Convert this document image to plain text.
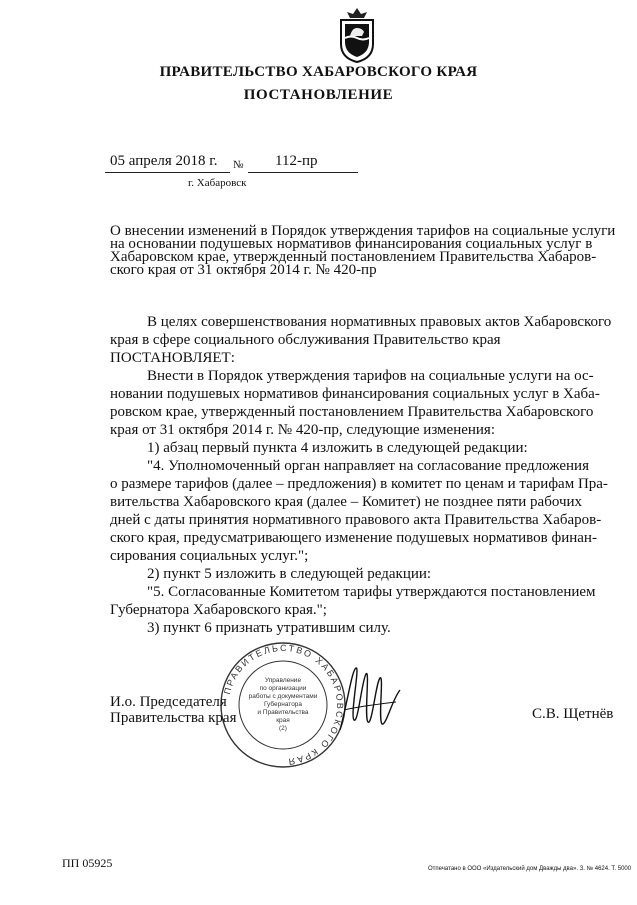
ПРАВИТЕЛЬСТВО ХАБАРОВСКОГО КРАЯ
ПОСТАНОВЛЕНИЕ
05 апреля 2018 г. № 112-пр
г. Хабаровск
О внесении изменений в Порядок утверждения тарифов на социальные услуги
на основании подушевых нормативов финансирования социальных услуг в
Хабаровском крае, утвержденный постановлением Правительства Хабаров-
ского края от 31 октября 2014 г. № 420-пр
В целях совершенствования нормативных правовых актов Хабаровского
края в сфере социального обслуживания Правительство края
ПОСТАНОВЛЯЕТ:
Внести в Порядок утверждения тарифов на социальные услуги на ос-
новании подушевых нормативов финансирования социальных услуг в Хаба-
ровском крае, утвержденный постановлением Правительства Хабаровского
края от 31 октября 2014 г. № 420-пр, следующие изменения:
1) абзац первый пункта 4 изложить в следующей редакции:
"4. Уполномоченный орган направляет на согласование предложения
о размере тарифов (далее – предложения) в комитет по ценам и тарифам Пра-
вительства Хабаровского края (далее – Комитет) не позднее пяти рабочих
дней с даты принятия нормативного правового акта Правительства Хабаров-
ского края, предусматривающего изменение подушевых нормативов финан-
сирования социальных услуг.";
2) пункт 5 изложить в следующей редакции:
"5. Согласованные Комитетом тарифы утверждаются постановлением
Губернатора Хабаровского края.";
3) пункт 6 признать утратившим силу.
ПРАВИТЕЛЬСТВО ХАБАРОВСКОГО КРАЯ
Управление
по организации
работы с документами
Губернатора
и Правительства
края
(2)
И.о. Председателя
Правительства края	С.В. Щетнёв
ПП 05925	Отпечатано в ООО «Издательский дом Дважды два». З. № 4624. Т. 5000
